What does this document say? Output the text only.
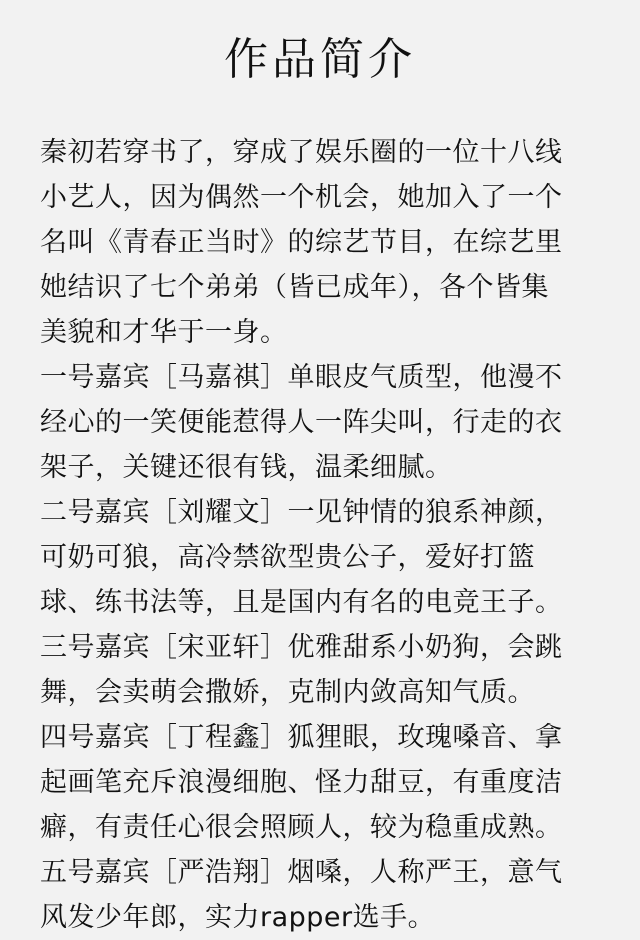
作品简介
秦初若穿书了，穿成了娱乐圈的一位十八线
小艺人，因为偶然一个机会，她加入了一个
名叫《青春正当时》的综艺节目，在综艺里
她结识了七个弟弟（皆已成年），各个皆集
美貌和才华于一身。
一号嘉宾［马嘉祺］单眼皮气质型，他漫不
经心的一笑便能惹得人一阵尖叫，行走的衣
架子，关键还很有钱，温柔细腻。
二号嘉宾［刘耀文］一见钟情的狼系神颜，
可奶可狼，高冷禁欲型贵公子，爱好打篮
球、练书法等，且是国内有名的电竞王子。
三号嘉宾［宋亚轩］优雅甜系小奶狗，会跳
舞，会卖萌会撒娇，克制内敛高知气质。
四号嘉宾［丁程鑫］狐狸眼，玫瑰嗓音、拿
起画笔充斥浪漫细胞、怪力甜豆，有重度洁
癖，有责任心很会照顾人，较为稳重成熟。
五号嘉宾［严浩翔］烟嗓，人称严王，意气
风发少年郎，实力rapper选手。
